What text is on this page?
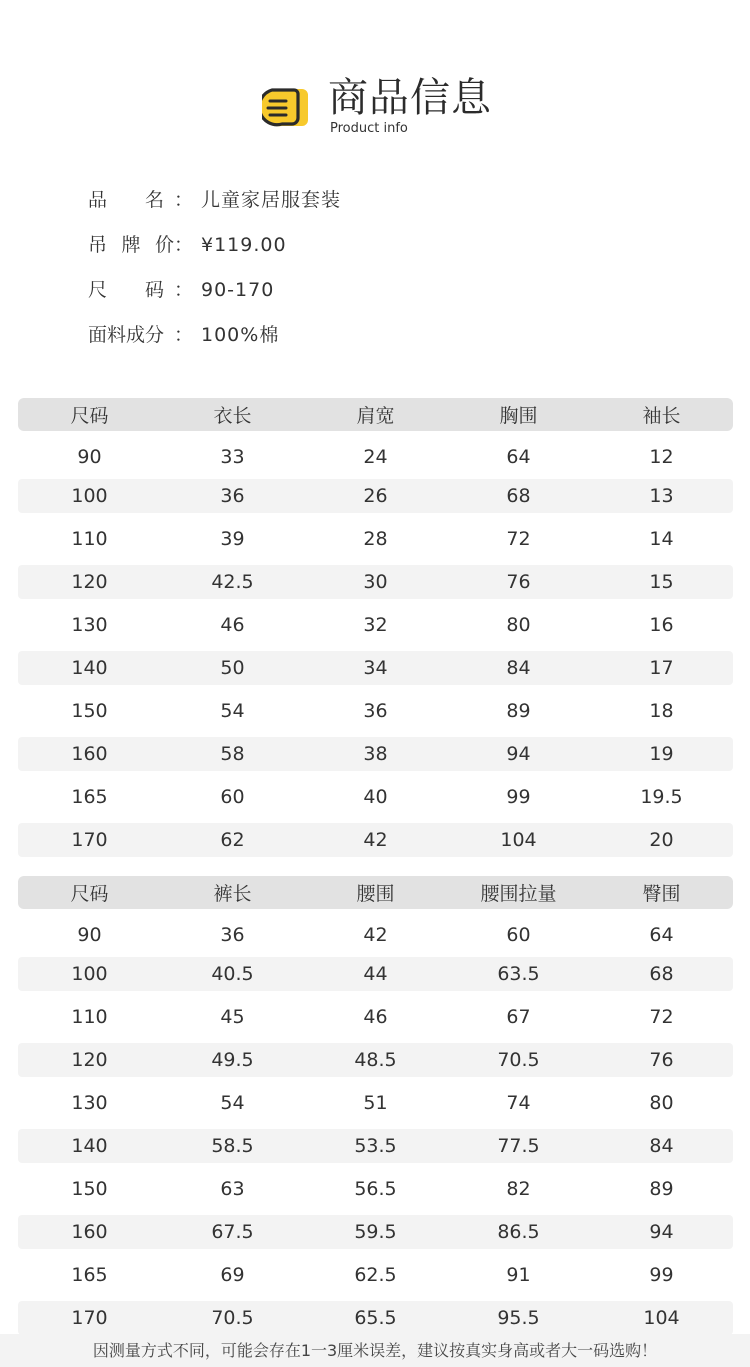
商品信息
Product info
品 名 ： 儿童家居服套装
吊 牌 价 ： ¥119.00
尺 码 ： 90-170
面 料 成 分 ： 100%棉
尺码	衣长	肩宽	胸围	袖长
90	33	24	64	12
100	36	26	68	13
110	39	28	72	14
120	42.5	30	76	15
130	46	32	80	16
140	50	34	84	17
150	54	36	89	18
160	58	38	94	19
165	60	40	99	19.5
170	62	42	104	20
尺码	裤长	腰围	腰围拉量	臀围
90	36	42	60	64
100	40.5	44	63.5	68
110	45	46	67	72
120	49.5	48.5	70.5	76
130	54	51	74	80
140	58.5	53.5	77.5	84
150	63	56.5	82	89
160	67.5	59.5	86.5	94
165	69	62.5	91	99
170	70.5	65.5	95.5	104
因测量方式不同，可能会存在1一3厘米误差，建议按真实身高或者大一码选购！
